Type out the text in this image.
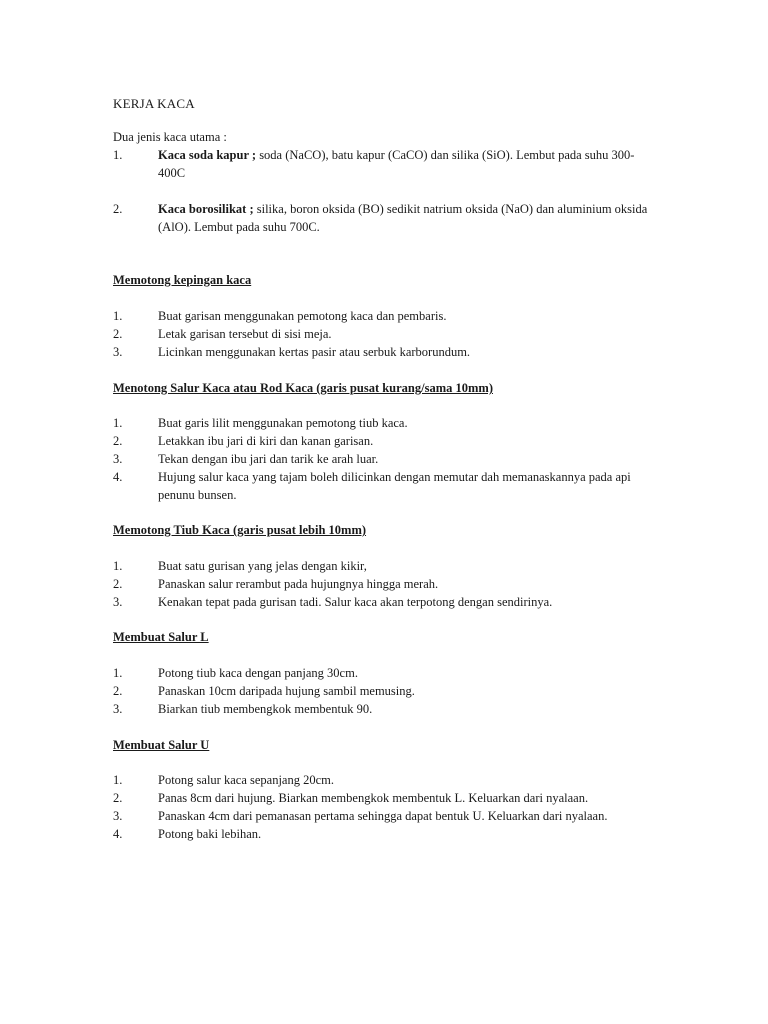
KERJA KACA
Dua jenis kaca utama :
1.	Kaca soda kapur ; soda (NaCO), batu kapur (CaCO) dan silika (SiO). Lembut pada suhu 300-400C
2.	Kaca borosilikat ; silika, boron oksida (BO) sedikit natrium oksida (NaO) dan aluminium oksida (AlO). Lembut pada suhu 700C.
Memotong kepingan kaca
1.	Buat garisan menggunakan pemotong kaca dan pembaris.
2.	Letak garisan tersebut di sisi meja.
3.	Licinkan menggunakan kertas pasir atau serbuk karborundum.
Menotong Salur Kaca atau Rod Kaca (garis pusat kurang/sama 10mm)
1.	Buat garis lilit menggunakan pemotong tiub kaca.
2.	Letakkan ibu jari di kiri dan kanan garisan.
3.	Tekan dengan ibu jari dan tarik ke arah luar.
4.	Hujung salur kaca yang tajam boleh dilicinkan dengan memutar dah memanaskannya pada api penunu bunsen.
Memotong Tiub Kaca (garis pusat lebih 10mm)
1.	Buat satu gurisan yang jelas dengan kikir,
2.	Panaskan salur rerambut pada hujungnya hingga merah.
3.	Kenakan tepat pada gurisan tadi. Salur kaca akan terpotong dengan sendirinya.
Membuat Salur L
1.	Potong tiub kaca dengan panjang 30cm.
2.	Panaskan 10cm daripada hujung sambil memusing.
3.	Biarkan tiub membengkok membentuk 90.
Membuat Salur U
1.	Potong salur kaca sepanjang 20cm.
2.	Panas 8cm dari hujung. Biarkan membengkok membentuk L. Keluarkan dari nyalaan.
3.	Panaskan 4cm dari pemanasan pertama sehingga dapat bentuk U. Keluarkan dari nyalaan.
4.	Potong baki lebihan.
